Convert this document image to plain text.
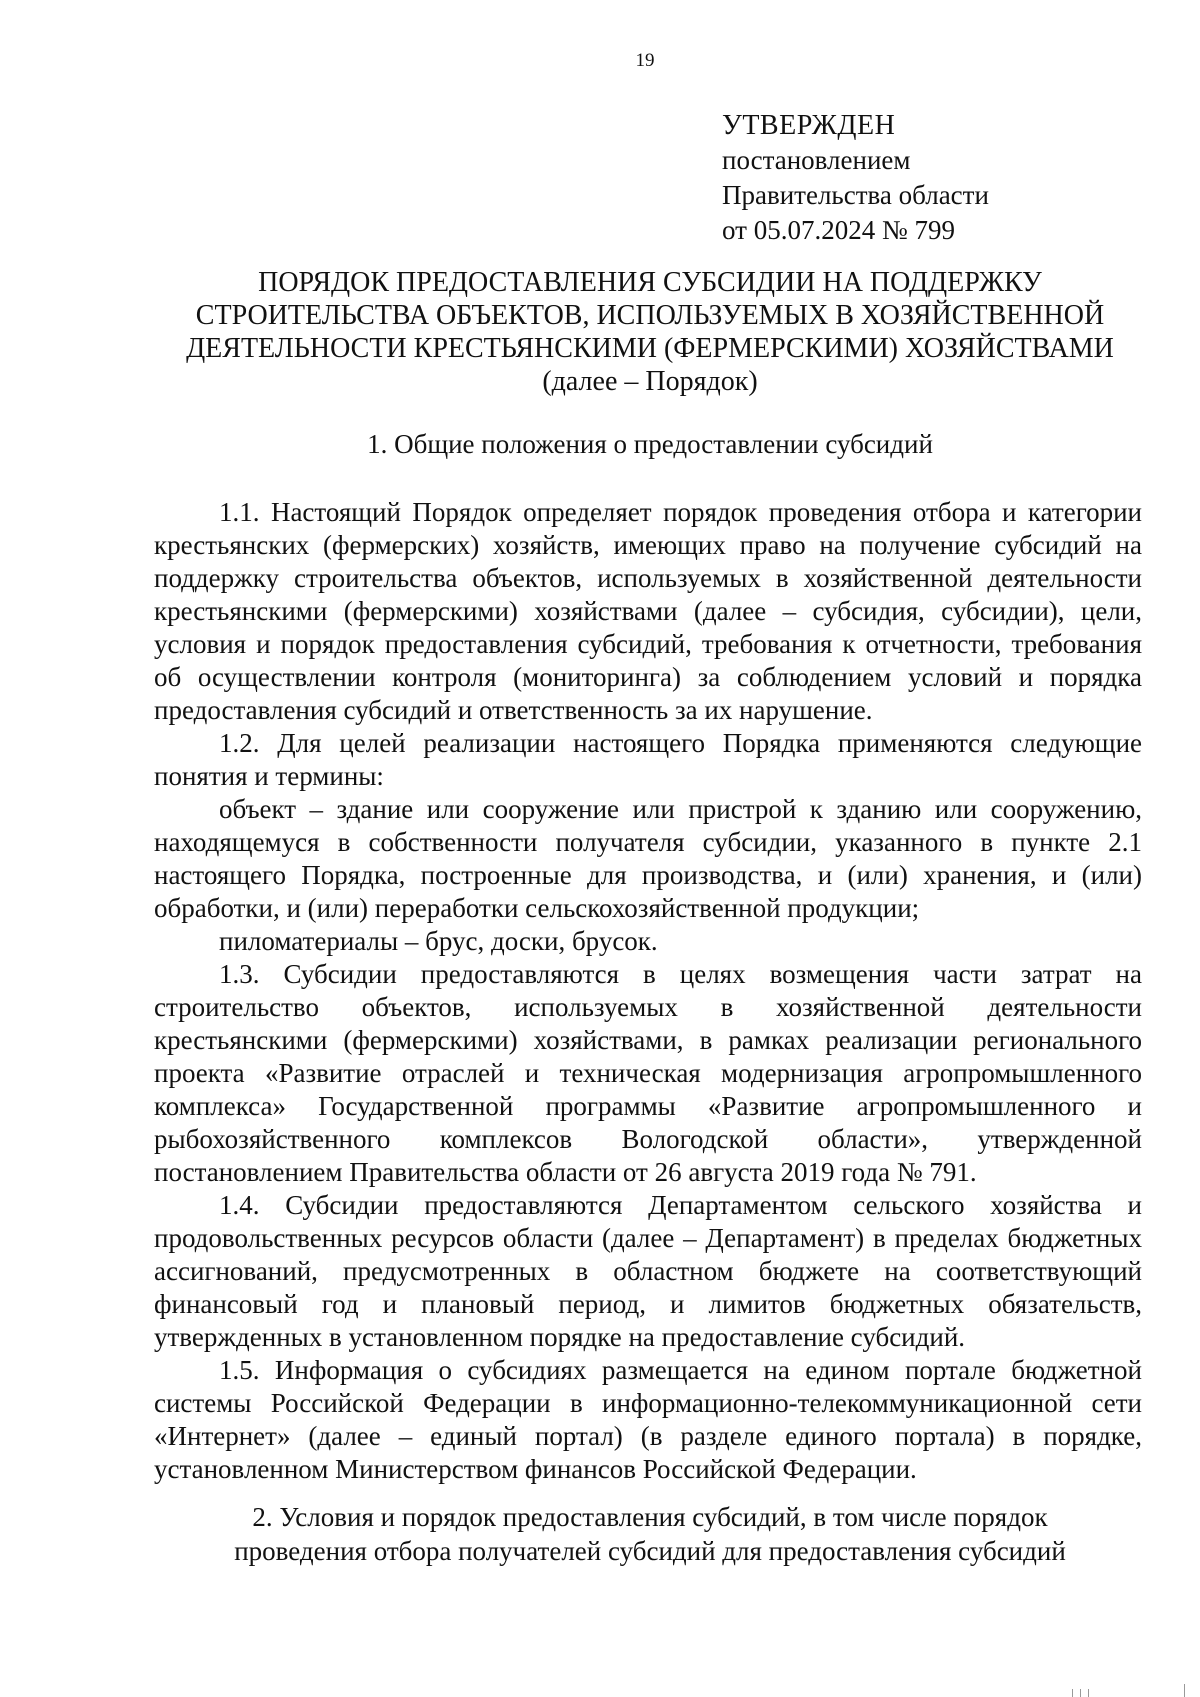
19
УТВЕРЖДЕН
постановлением
Правительства области
от 05.07.2024 № 799
ПОРЯДОК ПРЕДОСТАВЛЕНИЯ СУБСИДИИ НА ПОДДЕРЖКУ
СТРОИТЕЛЬСТВА ОБЪЕКТОВ, ИСПОЛЬЗУЕМЫХ В ХОЗЯЙСТВЕННОЙ
ДЕЯТЕЛЬНОСТИ КРЕСТЬЯНСКИМИ (ФЕРМЕРСКИМИ) ХОЗЯЙСТВАМИ
(далее – Порядок)
1. Общие положения о предоставлении субсидий

1.1. Настоящий Порядок определяет порядок проведения отбора и категории крестьянских (фермерских) хозяйств, имеющих право на получение субсидий на поддержку строительства объектов, используемых в хозяйственной деятельности крестьянскими (фермерскими) хозяйствами (далее – субсидия, субсидии), цели, условия и порядок предоставления субсидий, требования к отчетности, требования об осуществлении контроля (мониторинга) за соблюдением условий и порядка предоставления субсидий и ответственность за их нарушение.

1.2. Для целей реализации настоящего Порядка применяются следующие понятия и термины:

объект – здание или сооружение или пристрой к зданию или сооружению, находящемуся в собственности получателя субсидии, указанного в пункте 2.1 настоящего Порядка, построенные для производства, и (или) хранения, и (или) обработки, и (или) переработки сельскохозяйственной продукции;

пиломатериалы – брус, доски, брусок.

1.3. Субсидии предоставляются в целях возмещения части затрат на строительство объектов, используемых в хозяйственной деятельности крестьянскими (фермерскими) хозяйствами, в рамках реализации регионального проекта «Развитие отраслей и техническая модернизация агропромышленного комплекса» Государственной программы «Развитие агропромышленного и рыбохозяйственного комплексов Вологодской области», утвержденной постановлением Правительства области от 26 августа 2019 года № 791.

1.4. Субсидии предоставляются Департаментом сельского хозяйства и продовольственных ресурсов области (далее – Департамент) в пределах бюджетных ассигнований, предусмотренных в областном бюджете на соответствующий финансовый год и плановый период, и лимитов бюджетных обязательств, утвержденных в установленном порядке на предоставление субсидий.

1.5. Информация о субсидиях размещается на едином портале бюджетной системы Российской Федерации в информационно-телекоммуникационной сети «Интернет» (далее – единый портал) (в разделе единого портала) в порядке, установленном Министерством финансов Российской Федерации.

2. Условия и порядок предоставления субсидий, в том числе порядок
проведения отбора получателей субсидий для предоставления субсидий
